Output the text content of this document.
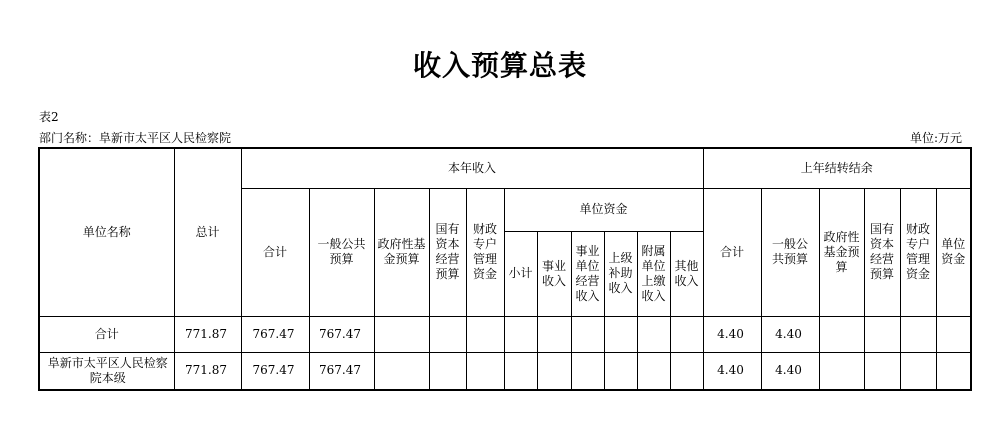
收入预算总表
表2
部门名称：阜新市太平区人民检察院	单位:万元
单位名称	总计	本年收入											上年结转结余					
		合计	一般公共预算	政府性基金预算	国有资本经营预算	财政专户管理资金	单位资金						合计	一般公共预算	政府性基金预算	国有资本经营预算	财政专户管理资金	单位资金
							小计	事业收入	事业单位经营收入	上级补助收入	附属单位上缴收入	其他收入						
合计	771.87	767.47	767.47										4.40	4.40				
阜新市太平区人民检察院本级	771.87	767.47	767.47										4.40	4.40				
